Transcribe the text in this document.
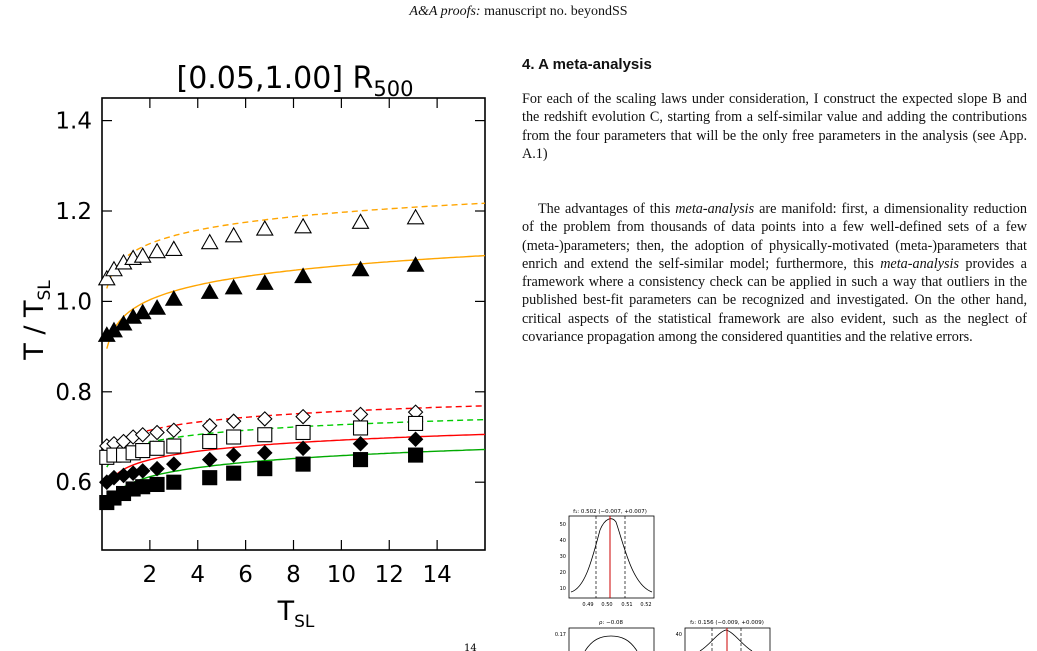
A&A proofs: manuscript no. beyondSS
[0.05,1.00] $R_{500}$
0.6
0.8
1.0
1.2
1.4
2 4 6 8 10 12 14
$T_{SL}$
T / $T_{SL}$
4. A meta-analysis
For each of the scaling laws under consideration, I construct the expected slope B and the redshift evolution C, starting from a self-similar value and adding the contributions from the four parameters that will be the only free parameters in the analysis (see App. A.1)
The advantages of this meta-analysis are manifold: first, a dimensionality reduction of the problem from thousands of data points into a few well-defined sets of a few (meta-)parameters; then, the adoption of physically-motivated (meta-)parameters that enrich and extend the self-similar model; furthermore, this meta-analysis provides a framework where a consistency check can be applied in such a way that outliers in the published best-fit parameters can be recognized and investigated. On the other hand, critical aspects of the statistical framework are also evident, such as the neglect of covariance propagation among the considered quantities and the relative errors.
f₁: 0.502 (−0.007, +0.007)
50
40
30
20
10
0.49 0.50 0.51 0.52
ρ: −0.08
0.17
f₂: 0.156 (−0.009, +0.009)
40
14
